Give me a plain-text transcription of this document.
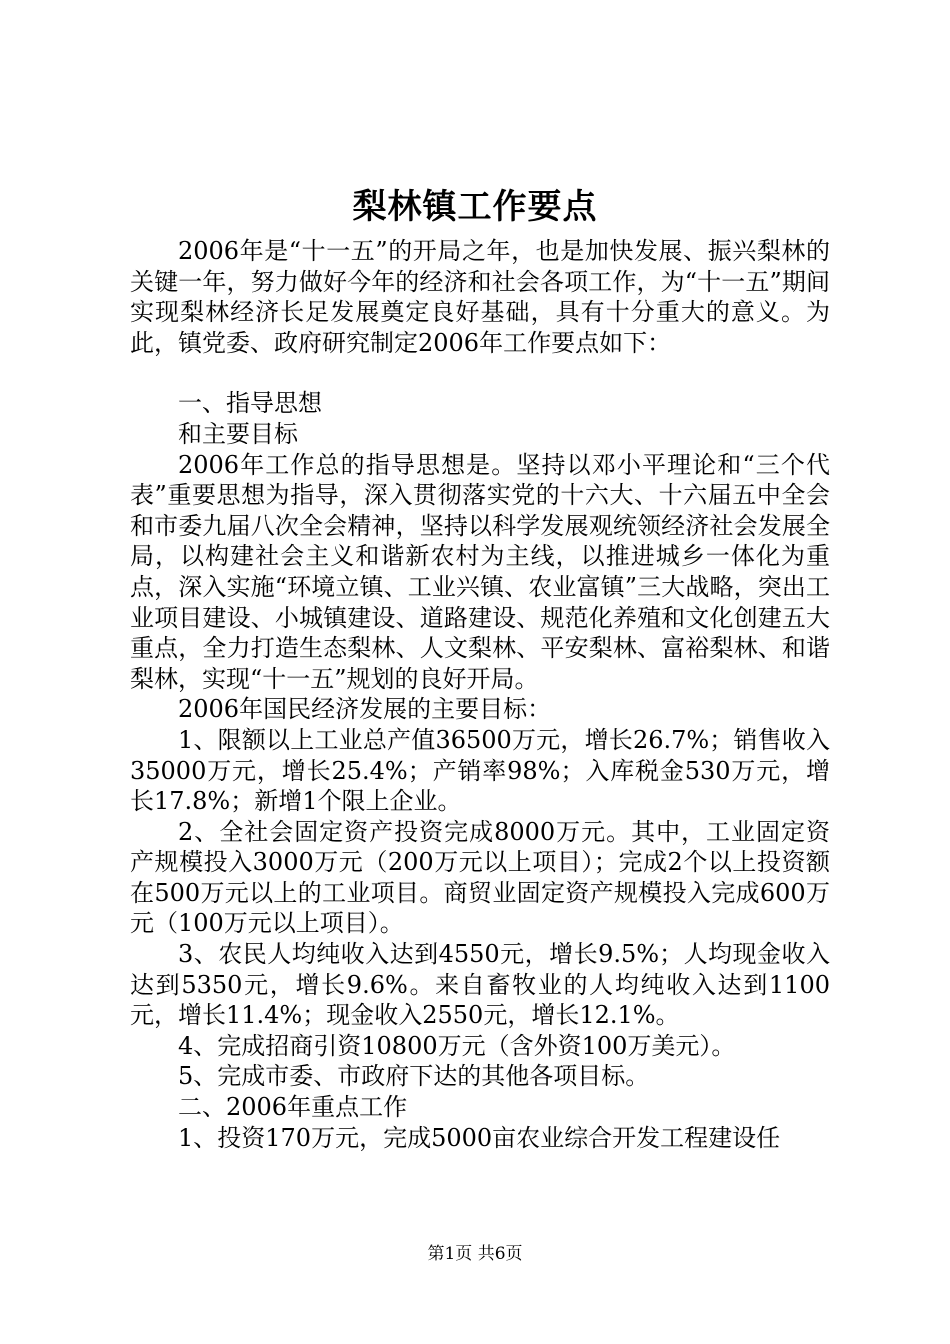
梨林镇工作要点

2006年是“十一五”的开局之年，也是加快发展、振兴梨林的关键一年，努力做好今年的经济和社会各项工作，为“十一五”期间实现梨林经济长足发展奠定良好基础，具有十分重大的意义。为此，镇党委、政府研究制定2006年工作要点如下：

一、指导思想

和主要目标

2006年工作总的指导思想是。坚持以邓小平理论和“三个代表”重要思想为指导，深入贯彻落实党的十六大、十六届五中全会和市委九届八次全会精神，坚持以科学发展观统领经济社会发展全局，以构建社会主义和谐新农村为主线，以推进城乡一体化为重点，深入实施“环境立镇、工业兴镇、农业富镇”三大战略，突出工业项目建设、小城镇建设、道路建设、规范化养殖和文化创建五大重点，全力打造生态梨林、人文梨林、平安梨林、富裕梨林、和谐梨林，实现“十一五”规划的良好开局。

2006年国民经济发展的主要目标：

1、限额以上工业总产值36500万元，增长26.7%；销售收入35000万元，增长25.4%；产销率98%；入库税金530万元，增长17.8%；新增1个限上企业。

2、全社会固定资产投资完成8000万元。其中，工业固定资产规模投入3000万元（200万元以上项目）；完成2个以上投资额在500万元以上的工业项目。商贸业固定资产规模投入完成600万元（100万元以上项目）。

3、农民人均纯收入达到4550元，增长9.5%；人均现金收入达到5350元，增长9.6%。来自畜牧业的人均纯收入达到1100元，增长11.4%；现金收入2550元，增长12.1%。

4、完成招商引资10800万元（含外资100万美元）。

5、完成市委、市政府下达的其他各项目标。

二、2006年重点工作

1、投资170万元，完成5000亩农业综合开发工程建设任

第1页 共6页
